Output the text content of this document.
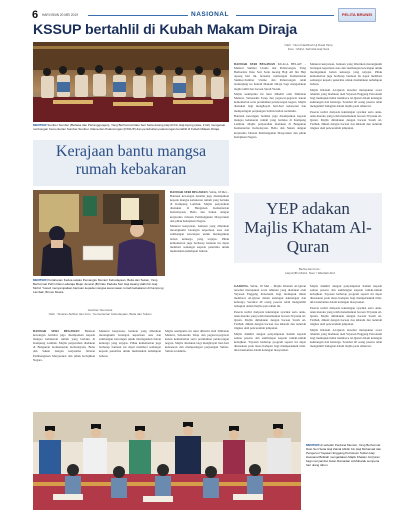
6 HARI ISNIN 20 MEI 2019	NASIONAL	PELITA BRUNEI
KSSUP bertahlil di Kubah Makam Diraja
MENTERI Sumber Sumber (Bahasa dan Pertanggungan), Yang Berhormat Dato Seri Setia Awang Haji Ali bin Haji Apong (atas, 2 kiri) mengetuai rombongan Kementerian Sumber-Sumber Utama dan Pelancongan (KSSUP) dan pertubuhan pelancongan bertahlil di Kubah Makam Diraja.
Oleh : Nurul Nadhirah Hj Daud Tarip
Foto : Mohd. Sahrizal Haji Sani

BANDAR SERI BEGAWAN KUALA BELAIT – Menteri Sumber Utama dan Pelancongan, Yang Berhormat Dato Seri Setia Awang Haji Ali bin Haji Apong hari ini, bersama rombongan Kementerian Sumber-Sumber Utama dan Pelancongan telah berkunjung ke Kubah Makam Diraja bagi mengadakan majlis tahlil dan bacaan Surah Yaasin.

Majlis seumpama itu turut dihadiri oleh Timbalan Menteri, Setiausaha Tetap dan pegawai-pegawai kanan kementerian serta pertubuhan pelancongan negara. Majlis diadakan bagi menghayati hari-hari kebesaran dan memperingati perjuangan Sultan-Sultan terdahulu.

Bantuan kewangan bernilai juga disampaikan kepada mangsa kebakaran rumah yang berlaku di Kampung Lambak. Majlis penyerahan diadakan di Bangunan Kementerian Kebudayaan, Belia dan Sukan dengan kerjasama Jabatan Pembangunan Masyarakat dan pihak Kebajikan Negara.

Menurut kenyataan, bantuan yang diberikan merangkumi barangan keperluan asas dan sumbangan kewangan untuk meringankan beban keluarga yang terjejas. Pihak kementerian juga berharap bantuan itu dapat memberi semangat kepada penerima untuk memulakan kehidupan baharu.

Majlis Khatam Al-Quran tersebut merupakan acara tahunan yang diadakan oleh Yayasan Enggang Petroleum bagi memupuk minat membaca Al-Quran dalam kalangan kakitangan dan keluarga. Seramai 40 orang peserta telah mengambil bahagian dalam majlis pada tahun ini.

Peserta terdiri daripada kakitangan syarikat serta anak-anak mereka yang telah menamatkan bacaan 30 juzuk Al-Quran. Majlis dimulakan dengan bacaan Surah Al-Fatihah, diikuti dengan bacaan doa khatam dan tazkirah ringkas oleh penceramah jemputan.

Kerajaan bantu mangsa rumah kebakaran
MENTERI Pertahanan Kedua selaku Pemangku Menteri Kebudayaan, Belia dan Sukan, Yang Berhormat Pehin Datu Lailaraja Mejar Jeneral (B) Dato Paduka Seri Haji Awang Halbi bin Haji Mohd. Yussof menyampaikan bantuan kepada mangsa kecemasan rumah kebakaran di Kampung Lambak, Brunei Muara.
Gambar: Rencana
Oleh : Sinaran Akhbar dan Foto : Kementerian Kebudayaan, Belia dan Sukan

BANDAR SERI BEGAWAN, Sabtu, 18 Mei – Bantuan kewangan bernilai juga disampaikan kepada mangsa kebakaran rumah yang berlaku di Kampung Lambak. Majlis penyerahan diadakan di Bangunan Kementerian Kebudayaan, Belia dan Sukan dengan kerjasama Jabatan Pembangunan Masyarakat dan pihak Kebajikan Negara.

Menurut kenyataan, bantuan yang diberikan merangkumi barangan keperluan asas dan sumbangan kewangan untuk meringankan beban keluarga yang terjejas. Pihak kementerian juga berharap bantuan itu dapat memberi semangat kepada penerima untuk memulakan kehidupan baharu.

BANDAR SERI BEGAWAN Bantuan kewangan bernilai juga disampaikan kepada mangsa kebakaran rumah yang berlaku di Kampung Lambak. Majlis penyerahan diadakan di Bangunan Kementerian Kebudayaan, Belia dan Sukan dengan kerjasama Jabatan Pembangunan Masyarakat dan pihak Kebajikan Negara.

Menurut kenyataan, bantuan yang diberikan merangkumi barangan keperluan asas dan sumbangan kewangan untuk meringankan beban keluarga yang terjejas. Pihak kementerian juga berharap bantuan itu dapat memberi semangat kepada penerima untuk memulakan kehidupan baharu.

Majlis seumpama itu turut dihadiri oleh Timbalan Menteri, Setiausaha Tetap dan pegawai-pegawai kanan kementerian serta pertubuhan pelancongan negara. Majlis diadakan bagi menghayati hari-hari kebesaran dan memperingati perjuangan Sultan-Sultan terdahulu.

YEP adakan Majlis Khatam Al-Quran
Berita dan Foto :
Haji Ariffin Mohd. Noor / Wardiah Abd

GADONG, Sabtu, 18 Mei – Majlis Khatam Al-Quran tersebut merupakan acara tahunan yang diadakan oleh Yayasan Enggang Petroleum bagi memupuk minat membaca Al-Quran dalam kalangan kakitangan dan keluarga. Seramai 40 orang peserta telah mengambil bahagian dalam majlis pada tahun ini.

Peserta terdiri daripada kakitangan syarikat serta anak-anak mereka yang telah menamatkan bacaan 30 juzuk Al-Quran. Majlis dimulakan dengan bacaan Surah Al-Fatihah, diikuti dengan bacaan doa khatam dan tazkirah ringkas oleh penceramah jemputan.

Majlis diakhiri dengan penyampaian hadiah kepada semua peserta dan sumbangan kepada rumah-rumah kebajikan. Yayasan berharap program seperti ini dapat diteruskan pada masa hadapan bagi memperkukuh nilai-nilai keislaman dalam kalangan masyarakat.

Majlis diakhiri dengan penyampaian hadiah kepada semua peserta dan sumbangan kepada rumah-rumah kebajikan. Yayasan berharap program seperti ini dapat diteruskan pada masa hadapan bagi memperkukuh nilai-nilai keislaman dalam kalangan masyarakat.

Peserta terdiri daripada kakitangan syarikat serta anak-anak mereka yang telah menamatkan bacaan 30 juzuk Al-Quran. Majlis dimulakan dengan bacaan Surah Al-Fatihah, diikuti dengan bacaan doa khatam dan tazkirah ringkas oleh penceramah jemputan.

Majlis Khatam Al-Quran tersebut merupakan acara tahunan yang diadakan oleh Yayasan Enggang Petroleum bagi memupuk minat membaca Al-Quran dalam kalangan kakitangan dan keluarga. Seramai 40 orang peserta telah mengambil bahagian dalam majlis pada tahun ini.

MENTERI di sebelah Perdana Menteri, Yang Berhormat Dato Seri Setia Haji Zainal Abidin bin Haji Mohamad dan Pengerusi Yayasan Enggang Petroleum Sultan Haji Hassanal Bolkiah mengadakan Majlis Khatam Al-Quran bagi menyambut bulan Ramadan al-Mubarak sempena hari ulang tahun.
